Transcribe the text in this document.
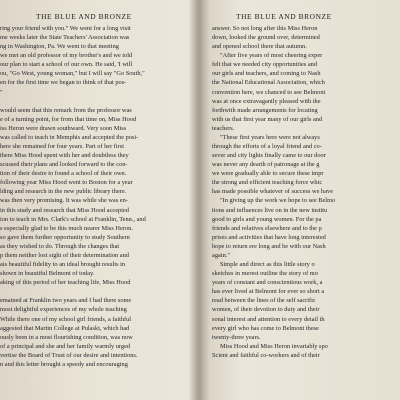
THE BLUE AND BRONZE
ring your friend with you." We went for a long visit
me weeks later the State Teachers' Association was
ng in Washington, Pa. We went to that meeting
we met an old professor of my brother's and we told
our plan to start a school of our own. He said, 'I will
ou, "Go West, young woman," but I will say "Go South,"
en for the first time we began to think of that pos-
"
would seem that this remark from the professor was
e of a turning point, for from that time on, Miss Hood
iss Heron were drawn southward. Very soon Miss
was called to teach in Memphis and accepted the posi-
here she remained for four years. Part of her first
there Miss Hood spent with her and doubtless they
scussed their plans and looked forward to the con-
tion of their desire to found a school of their own.
following year Miss Hood went to Boston for a year
lding and research in the new public library there.
was then very promising. It was while she was en-
in this study and research that Miss Hood accepted
ion to teach in Mrs. Clark's school at Franklin, Tenn., and
s especially glad to be this much nearer Miss Heron.
so gave them further opportunity to study Southern
as they wished to do. Through the changes that
p them neither lost sight of their determination and
ais beautiful fidelity to an ideal brought results in
shown in beautiful Belmont of today.
aking of this period of her teaching life, Miss Hood
emained at Franklin two years and I had there some
most delightful experiences of my whole teaching
While there one of my school girl friends, a faithful
aggested that Martin College at Pulaski, which had
ously been in a most flourishing condition, was now
of a principal and she and her family warmly urged
vertise the Board of Trust of our desire and intentions.
n and this letter brought a speedy and encouraging
THE BLUE AND BRONZE
answer. So not long after this Miss Heron
down, looked the ground over, determined
and opened school there that autumn.
"After five years of most cheering exper
felt that we needed city opportunities and
our girls and teachers, and coming to Nash
the National Educational Association, which
convention here, we chanced to see Belmont
was at once extravagantly pleased with the
forthwith made arrangements for locating
with us that first year many of our girls and
teachers.
"These first years here were not always
through the efforts of a loyal friend and co-
sever and city lights finally came to our door
was never any dearth of patronage at the g
we were gradually able to secure these impr
the strong and efficient teaching force whic
has made possible whatever of success we have
"In giving up the work we hope to see Belmo
tions and influences live on in the new institu
good to girls and young women. For the pa
friends and relatives elsewhere and to the p
prises and activities that have long interested
hope to return ere long and be with our Nash
again."
Simple and direct as this little story o
sketches in merest outline the story of mo
years of constant and conscientious work, a
has ever lived at Belmont for ever so short a
read between the lines of the self sacrific
women, of their devotion to duty and their
sonal interest and attention to every detail th
every girl who has come to Belmont these
twenty-three years.
Miss Hood and Miss Heron invariably spo
Scient and faithful co-workers and of their
